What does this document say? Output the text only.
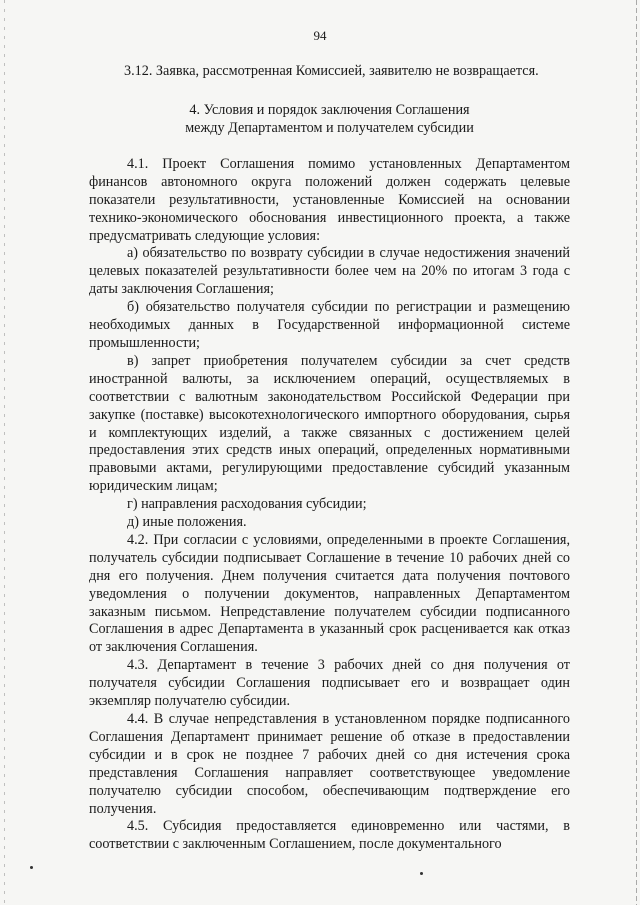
94

3.12. Заявка, рассмотренная Комиссией, заявителю не возвращается.

4. Условия и порядок заключения Соглашения
между Департаментом и получателем субсидии

4.1. Проект Соглашения помимо установленных Департаментом финансов автономного округа положений должен содержать целевые показатели результативности, установленные Комиссией на основании технико-экономического обоснования инвестиционного проекта, а также предусматривать следующие условия:

а) обязательство по возврату субсидии в случае недостижения значений целевых показателей результативности более чем на 20% по итогам 3 года с даты заключения Соглашения;

б) обязательство получателя субсидии по регистрации и размещению необходимых данных в Государственной информационной системе промышленности;

в) запрет приобретения получателем субсидии за счет средств иностранной валюты, за исключением операций, осуществляемых в соответствии с валютным законодательством Российской Федерации при закупке (поставке) высокотехнологического импортного оборудования, сырья и комплектующих изделий, а также связанных с достижением целей предоставления этих средств иных операций, определенных нормативными правовыми актами, регулирующими предоставление субсидий указанным юридическим лицам;

г) направления расходования субсидии;

д) иные положения.

4.2. При согласии с условиями, определенными в проекте Соглашения, получатель субсидии подписывает Соглашение в течение 10 рабочих дней со дня его получения. Днем получения считается дата получения почтового уведомления о получении документов, направленных Департаментом заказным письмом. Непредставление получателем субсидии подписанного Соглашения в адрес Департамента в указанный срок расценивается как отказ от заключения Соглашения.

4.3. Департамент в течение 3 рабочих дней со дня получения от получателя субсидии Соглашения подписывает его и возвращает один экземпляр получателю субсидии.

4.4. В случае непредставления в установленном порядке подписанного Соглашения Департамент принимает решение об отказе в предоставлении субсидии и в срок не позднее 7 рабочих дней со дня истечения срока представления Соглашения направляет соответствующее уведомление получателю субсидии способом, обеспечивающим подтверждение его получения.

4.5. Субсидия предоставляется единовременно или частями, в соответствии с заключенным Соглашением, после документального
